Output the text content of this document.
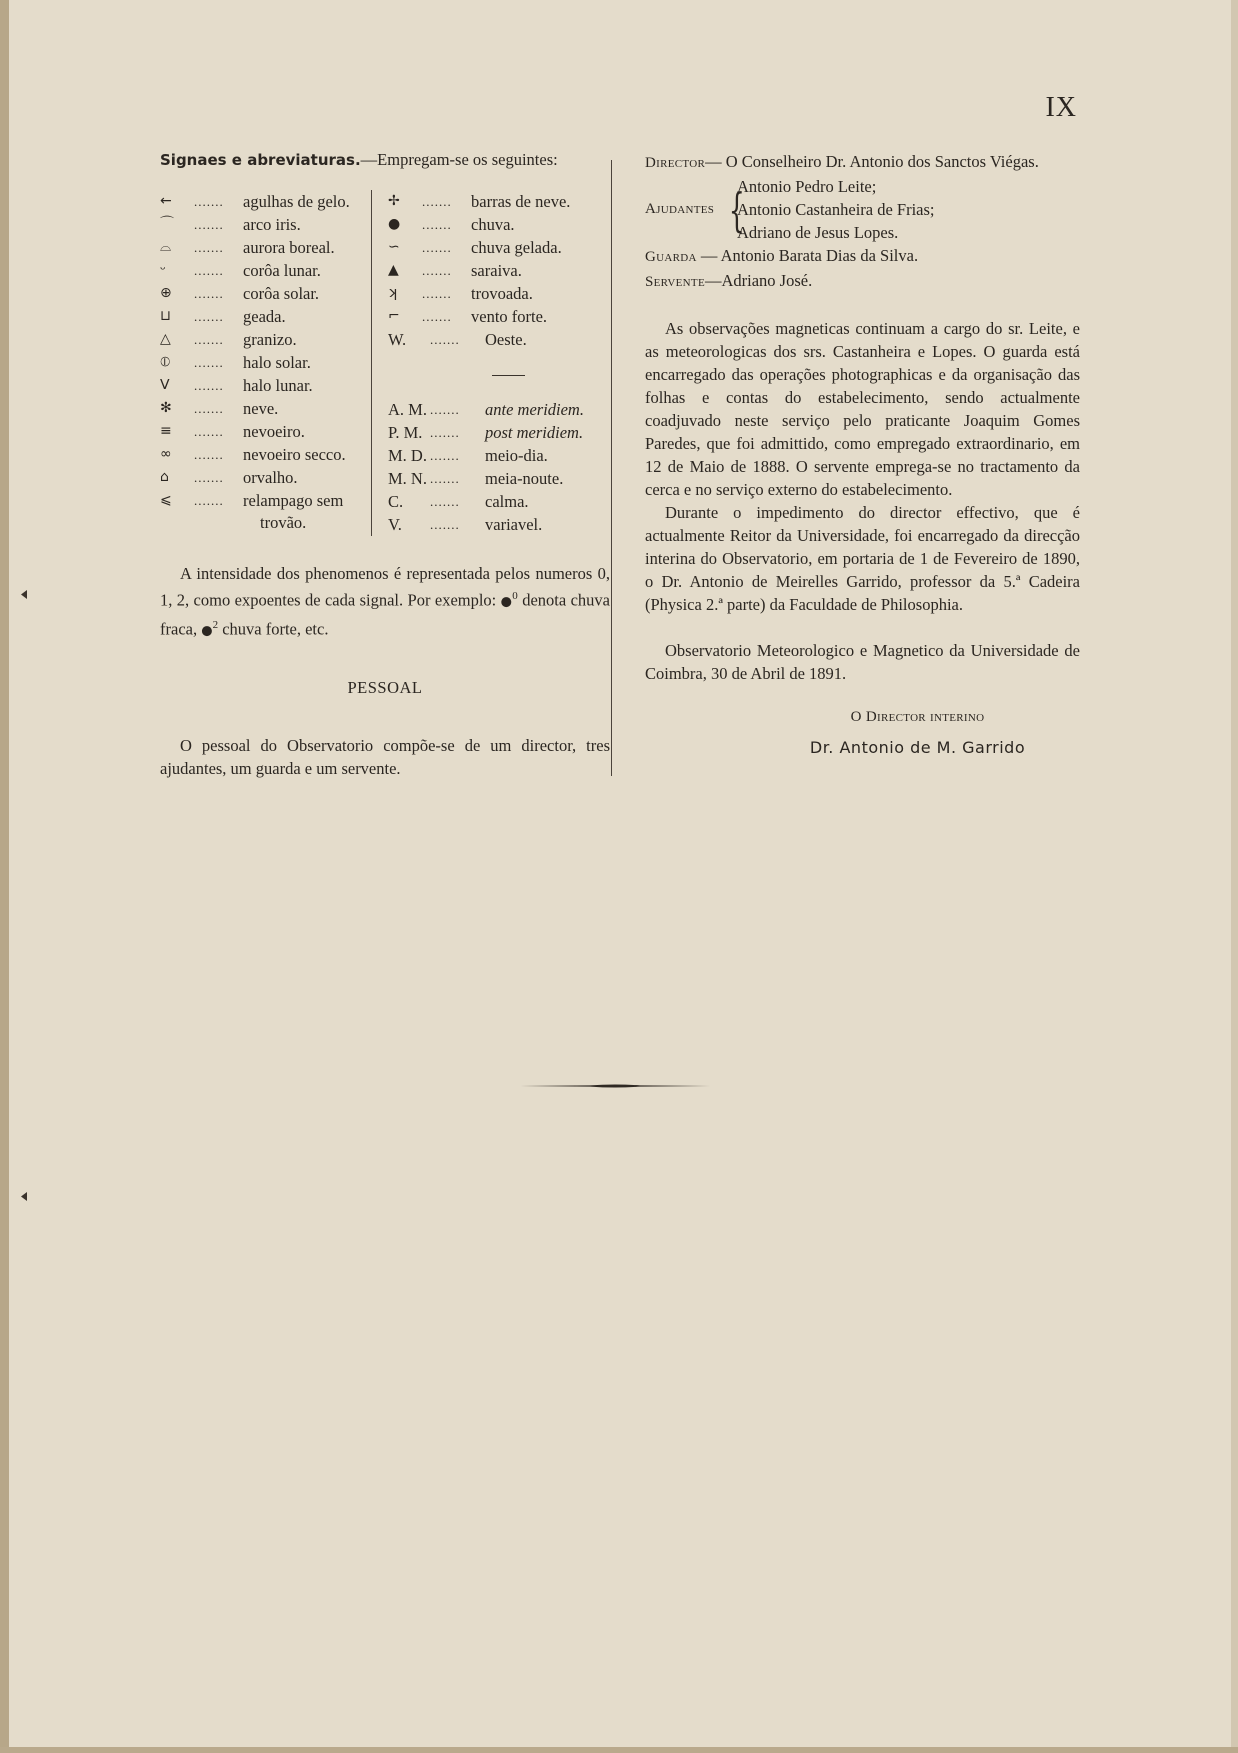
IX
Signaes e abreviaturas.—Empregam-se os seguintes:
←	.......	agulhas de gelo.
⌒	.......	arco iris.
⌓	.......	aurora boreal.
ᵕ	.......	corôa lunar.
⊕	.......	corôa solar.
⊔	.......	geada.
△	.......	granizo.
⦶	.......	halo solar.
ⴸ	.......	halo lunar.
✻	.......	neve.
≡	.......	nevoeiro.
∞	.......	nevoeiro secco.
⌂	.......	orvalho.
⩽	.......	relampago sem
trovão.
✢	.......	barras de neve.
●	.......	chuva.
∽	.......	chuva gelada.
▲	.......	saraiva.
ʞ	.......	trovoada.
⌐	.......	vento forte.
W.	.......	Oeste.
A. M. .......	ante meridiem.
P. M. .......	post meridiem.
M. D. .......	meio-dia.
M. N. .......	meia-noute.
C.	.......	calma.
V.	.......	variavel.

A intensidade dos phenomenos é representada pelos numeros 0, 1, 2, como expoentes de cada signal. Por exemplo: ●$^0$ denota chuva fraca, ●$^2$ chuva forte, etc.

PESSOAL

O pessoal do Observatorio compõe-se de um director, tres ajudantes, um guarda e um servente.

Director— O Conselheiro Dr. Antonio dos Sanctos Viégas.
Ajudantes {
Antonio Pedro Leite;
Antonio Castanheira de Frias;
Adriano de Jesus Lopes.
Guarda — Antonio Barata Dias da Silva.
Servente—Adriano José.

As observações magneticas continuam a cargo do sr. Leite, e as meteorologicas dos srs. Castanheira e Lopes. O guarda está encarregado das operações photographicas e da organisação das folhas e contas do estabelecimento, sendo actualmente coadjuvado neste serviço pelo praticante Joaquim Gomes Paredes, que foi admittido, como empregado extraordinario, em 12 de Maio de 1888. O servente emprega-se no tractamento da cerca e no serviço externo do estabelecimento.

Durante o impedimento do director effectivo, que é actualmente Reitor da Universidade, foi encarregado da direcção interina do Observatorio, em portaria de 1 de Fevereiro de 1890, o Dr. Antonio de Meirelles Garrido, professor da 5.ª Cadeira (Physica 2.ª parte) da Faculdade de Philosophia.

Observatorio Meteorologico e Magnetico da Universidade de Coimbra, 30 de Abril de 1891.

O Director interino
Dr. Antonio de M. Garrido
